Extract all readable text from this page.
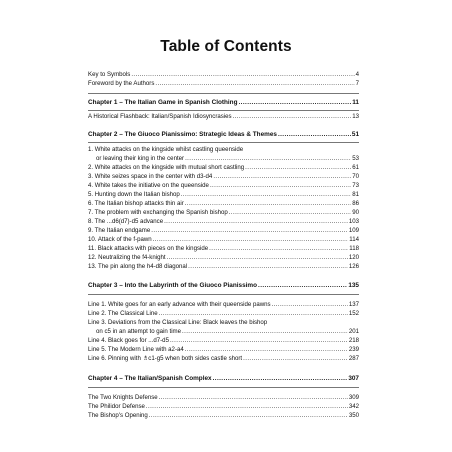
Table of Contents
Key to Symbols .....	4
Foreword by the Authors .....	7
Chapter 1 – The Italian Game in Spanish Clothing .....	11
A Historical Flashback: Italian/Spanish Idiosyncrasies .....	13
Chapter 2 – The Giuoco Pianissimo: Strategic Ideas & Themes .....	51
1. White attacks on the kingside whilst castling queenside
or leaving their king in the center .....	53
2. White attacks on the kingside with mutual short castling .....	61
3. White seizes space in the center with d3-d4 .....	70
4. White takes the initiative on the queenside .....	73
5. Hunting down the Italian bishop .....	81
6. The Italian bishop attacks thin air .....	86
7. The problem with exchanging the Spanish bishop .....	90
8. The ...d6(d7)-d5 advance .....	103
9. The Italian endgame .....	109
10. Attack of the f-pawn .....	114
11. Black attacks with pieces on the kingside .....	118
12. Neutralizing the f4-knight .....	120
13. The pin along the h4-d8 diagonal .....	126
Chapter 3 – Into the Labyrinth of the Giuoco Pianissimo .....	135
Line 1. White goes for an early advance with their queenside pawns .....	137
Line 2. The Classical Line .....	152
Line 3. Deviations from the Classical Line: Black leaves the bishop
on c5 in an attempt to gain time .....	201
Line 4. Black goes for ...d7-d5 .....	218
Line 5. The Modern Line with a2-a4 .....	239
Line 6. Pinning with ♗c1-g5 when both sides castle short .....	287
Chapter 4 – The Italian/Spanish Complex .....	307
The Two Knights Defense .....	309
The Philidor Defense .....	342
The Bishop's Opening .....	350
